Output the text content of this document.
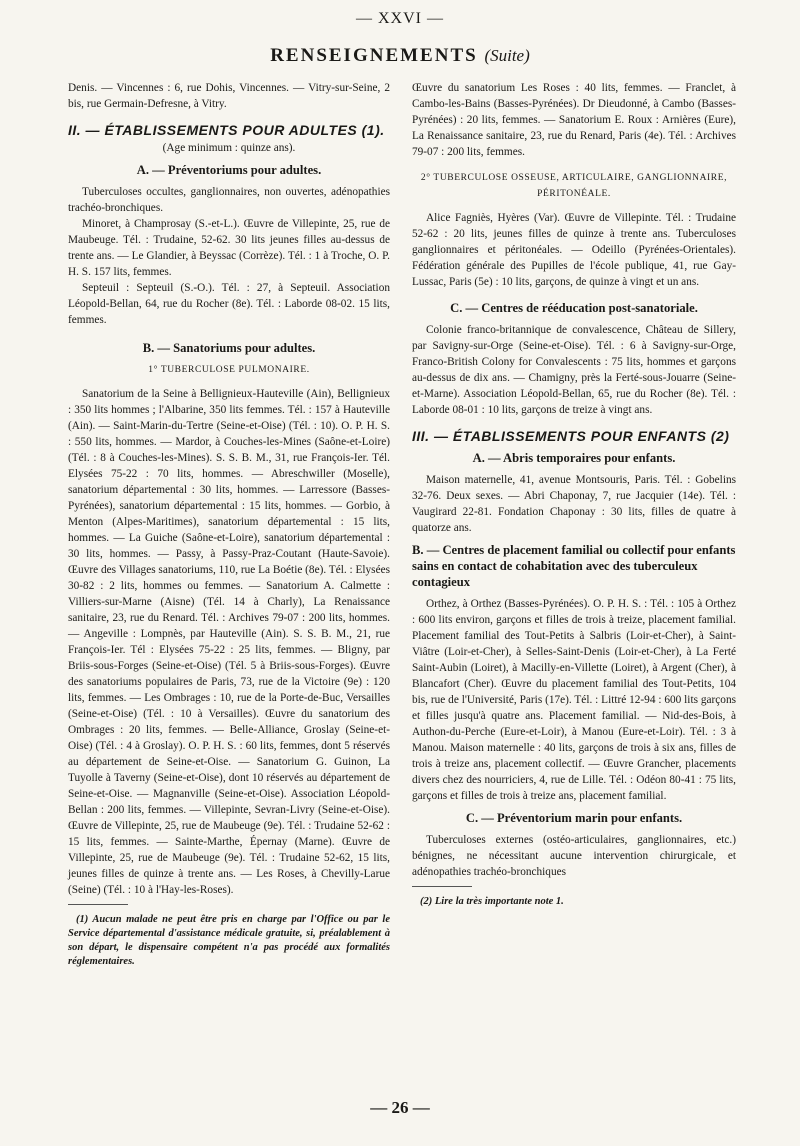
— XXVI —
RENSEIGNEMENTS (Suite)

Denis. — Vincennes : 6, rue Dohis, Vincennes. — Vitry-sur-Seine, 2 bis, rue Germain-Defresne, à Vitry.

II. — ÉTABLISSEMENTS POUR ADULTES (1).

(Age minimum : quinze ans).

A. — Préventoriums pour adultes.

Tuberculoses occultes, ganglionnaires, non ouvertes, adénopathies trachéo-bronchiques.

Minoret, à Champrosay (S.-et-L.). Œuvre de Villepinte, 25, rue de Maubeuge. Tél. : Trudaine, 52-62. 30 lits jeunes filles au-dessus de trente ans. — Le Glandier, à Beyssac (Corrèze). Tél. : 1 à Troche, O. P. H. S. 157 lits, femmes.

Septeuil : Septeuil (S.-O.). Tél. : 27, à Septeuil. Association Léopold-Bellan, 64, rue du Rocher (8e). Tél. : Laborde 08-02. 15 lits, femmes.

B. — Sanatoriums pour adultes.
1° TUBERCULOSE PULMONAIRE.

Sanatorium de la Seine à Bellignieux-Hauteville (Ain), Bellignieux : 350 lits hommes ; l'Albarine, 350 lits femmes. Tél. : 157 à Hauteville (Ain). — Saint-Marin-du-Tertre (Seine-et-Oise) (Tél. : 10). O. P. H. S. : 550 lits, hommes. — Mardor, à Couches-les-Mines (Saône-et-Loire) (Tél. : 8 à Couches-les-Mines). S. S. B. M., 31, rue François-Ier. Tél. Elysées 75-22 : 70 lits, hommes. — Abreschwiller (Moselle), sanatorium départemental : 30 lits, hommes. — Larressore (Basses-Pyrénées), sanatorium départemental : 15 lits, hommes. — Gorbio, à Menton (Alpes-Maritimes), sanatorium départemental : 15 lits, hommes. — La Guiche (Saône-et-Loire), sanatorium départemental : 30 lits, hommes. — Passy, à Passy-Praz-Coutant (Haute-Savoie). Œuvre des Villages sanatoriums, 110, rue La Boétie (8e). Tél. : Elysées 30-82 : 2 lits, hommes ou femmes. — Sanatorium A. Calmette : Villiers-sur-Marne (Aisne) (Tél. 14 à Charly), La Renaissance sanitaire, 23, rue du Renard. Tél. : Archives 79-07 : 200 lits, hommes. — Angeville : Lompnès, par Hauteville (Ain). S. S. B. M., 21, rue François-Ier. Tél : Elysées 75-22 : 25 lits, femmes. — Bligny, par Briis-sous-Forges (Seine-et-Oise) (Tél. 5 à Briis-sous-Forges). Œuvre des sanatoriums populaires de Paris, 73, rue de la Victoire (9e) : 120 lits, femmes. — Les Ombrages : 10, rue de la Porte-de-Buc, Versailles (Seine-et-Oise) (Tél. : 10 à Versailles). Œuvre du sanatorium des Ombrages : 20 lits, femmes. — Belle-Alliance, Groslay (Seine-et-Oise) (Tél. : 4 à Groslay). O. P. H. S. : 60 lits, femmes, dont 5 réservés au département de Seine-et-Oise. — Sanatorium G. Guinon, La Tuyolle à Taverny (Seine-et-Oise), dont 10 réservés au département de Seine-et-Oise. — Magnanville (Seine-et-Oise). Association Léopold-Bellan : 200 lits, femmes. — Villepinte, Sevran-Livry (Seine-et-Oise). Œuvre de Villepinte, 25, rue de Maubeuge (9e). Tél. : Trudaine 52-62 : 15 lits, femmes. — Sainte-Marthe, Épernay (Marne). Œuvre de Villepinte, 25, rue de Maubeuge (9e). Tél. : Trudaine 52-62, 15 lits, jeunes filles de quinze à trente ans. — Les Roses, à Chevilly-Larue (Seine) (Tél. : 10 à l'Hay-les-Roses).

(1) Aucun malade ne peut être pris en charge par l'Office ou par le Service départemental d'assistance médicale gratuite, si, préalablement à son départ, le dispensaire compétent n'a pas procédé aux formalités réglementaires.

Œuvre du sanatorium Les Roses : 40 lits, femmes. — Franclet, à Cambo-les-Bains (Basses-Pyrénées). Dr Dieudonné, à Cambo (Basses-Pyrénées) : 20 lits, femmes. — Sanatorium E. Roux : Arnières (Eure), La Renaissance sanitaire, 23, rue du Renard, Paris (4e). Tél. : Archives 79-07 : 200 lits, femmes.

2° TUBERCULOSE OSSEUSE, ARTICULAIRE, GANGLIONNAIRE, PÉRITONÉALE.

Alice Fagniès, Hyères (Var). Œuvre de Villepinte. Tél. : Trudaine 52-62 : 20 lits, jeunes filles de quinze à trente ans. Tuberculoses ganglionnaires et péritonéales. — Odeillo (Pyrénées-Orientales). Fédération générale des Pupilles de l'école publique, 41, rue Gay-Lussac, Paris (5e) : 10 lits, garçons, de quinze à vingt et un ans.

C. — Centres de rééducation post-sanatoriale.

Colonie franco-britannique de convalescence, Château de Sillery, par Savigny-sur-Orge (Seine-et-Oise). Tél. : 6 à Savigny-sur-Orge, Franco-British Colony for Convalescents : 75 lits, hommes et garçons au-dessus de dix ans. — Chamigny, près la Ferté-sous-Jouarre (Seine-et-Marne). Association Léopold-Bellan, 65, rue du Rocher (8e). Tél. : Laborde 08-01 : 10 lits, garçons de treize à vingt ans.

III. — ÉTABLISSEMENTS POUR ENFANTS (2)
A. — Abris temporaires pour enfants.

Maison maternelle, 41, avenue Montsouris, Paris. Tél. : Gobelins 32-76. Deux sexes. — Abri Chaponay, 7, rue Jacquier (14e). Tél. : Vaugirard 22-81. Fondation Chaponay : 30 lits, filles de quatre à quatorze ans.

B. — Centres de placement familial ou collectif pour enfants sains en contact de cohabitation avec des tuberculeux contagieux

Orthez, à Orthez (Basses-Pyrénées). O. P. H. S. : Tél. : 105 à Orthez : 600 lits environ, garçons et filles de trois à treize, placement familial. Placement familial des Tout-Petits à Salbris (Loir-et-Cher), à Saint-Viâtre (Loir-et-Cher), à Selles-Saint-Denis (Loir-et-Cher), à La Ferté Saint-Aubin (Loiret), à Macilly-en-Villette (Loiret), à Argent (Cher), à Blancafort (Cher). Œuvre du placement familial des Tout-Petits, 104 bis, rue de l'Université, Paris (17e). Tél. : Littré 12-94 : 600 lits garçons et filles jusqu'à quatre ans. Placement familial. — Nid-des-Bois, à Authon-du-Perche (Eure-et-Loir), à Manou (Eure-et-Loir). Tél. : 3 à Manou. Maison maternelle : 40 lits, garçons de trois à six ans, filles de trois à treize ans, placement collectif. — Œuvre Grancher, placements divers chez des nourriciers, 4, rue de Lille. Tél. : Odéon 80-41 : 75 lits, garçons et filles de trois à treize ans, placement familial.

C. — Préventorium marin pour enfants.

Tuberculoses externes (ostéo-articulaires, ganglionnaires, etc.) bénignes, ne nécessitant aucune intervention chirurgicale, et adénopathies trachéo-bronchiques

(2) Lire la très importante note 1.

— 26 —
